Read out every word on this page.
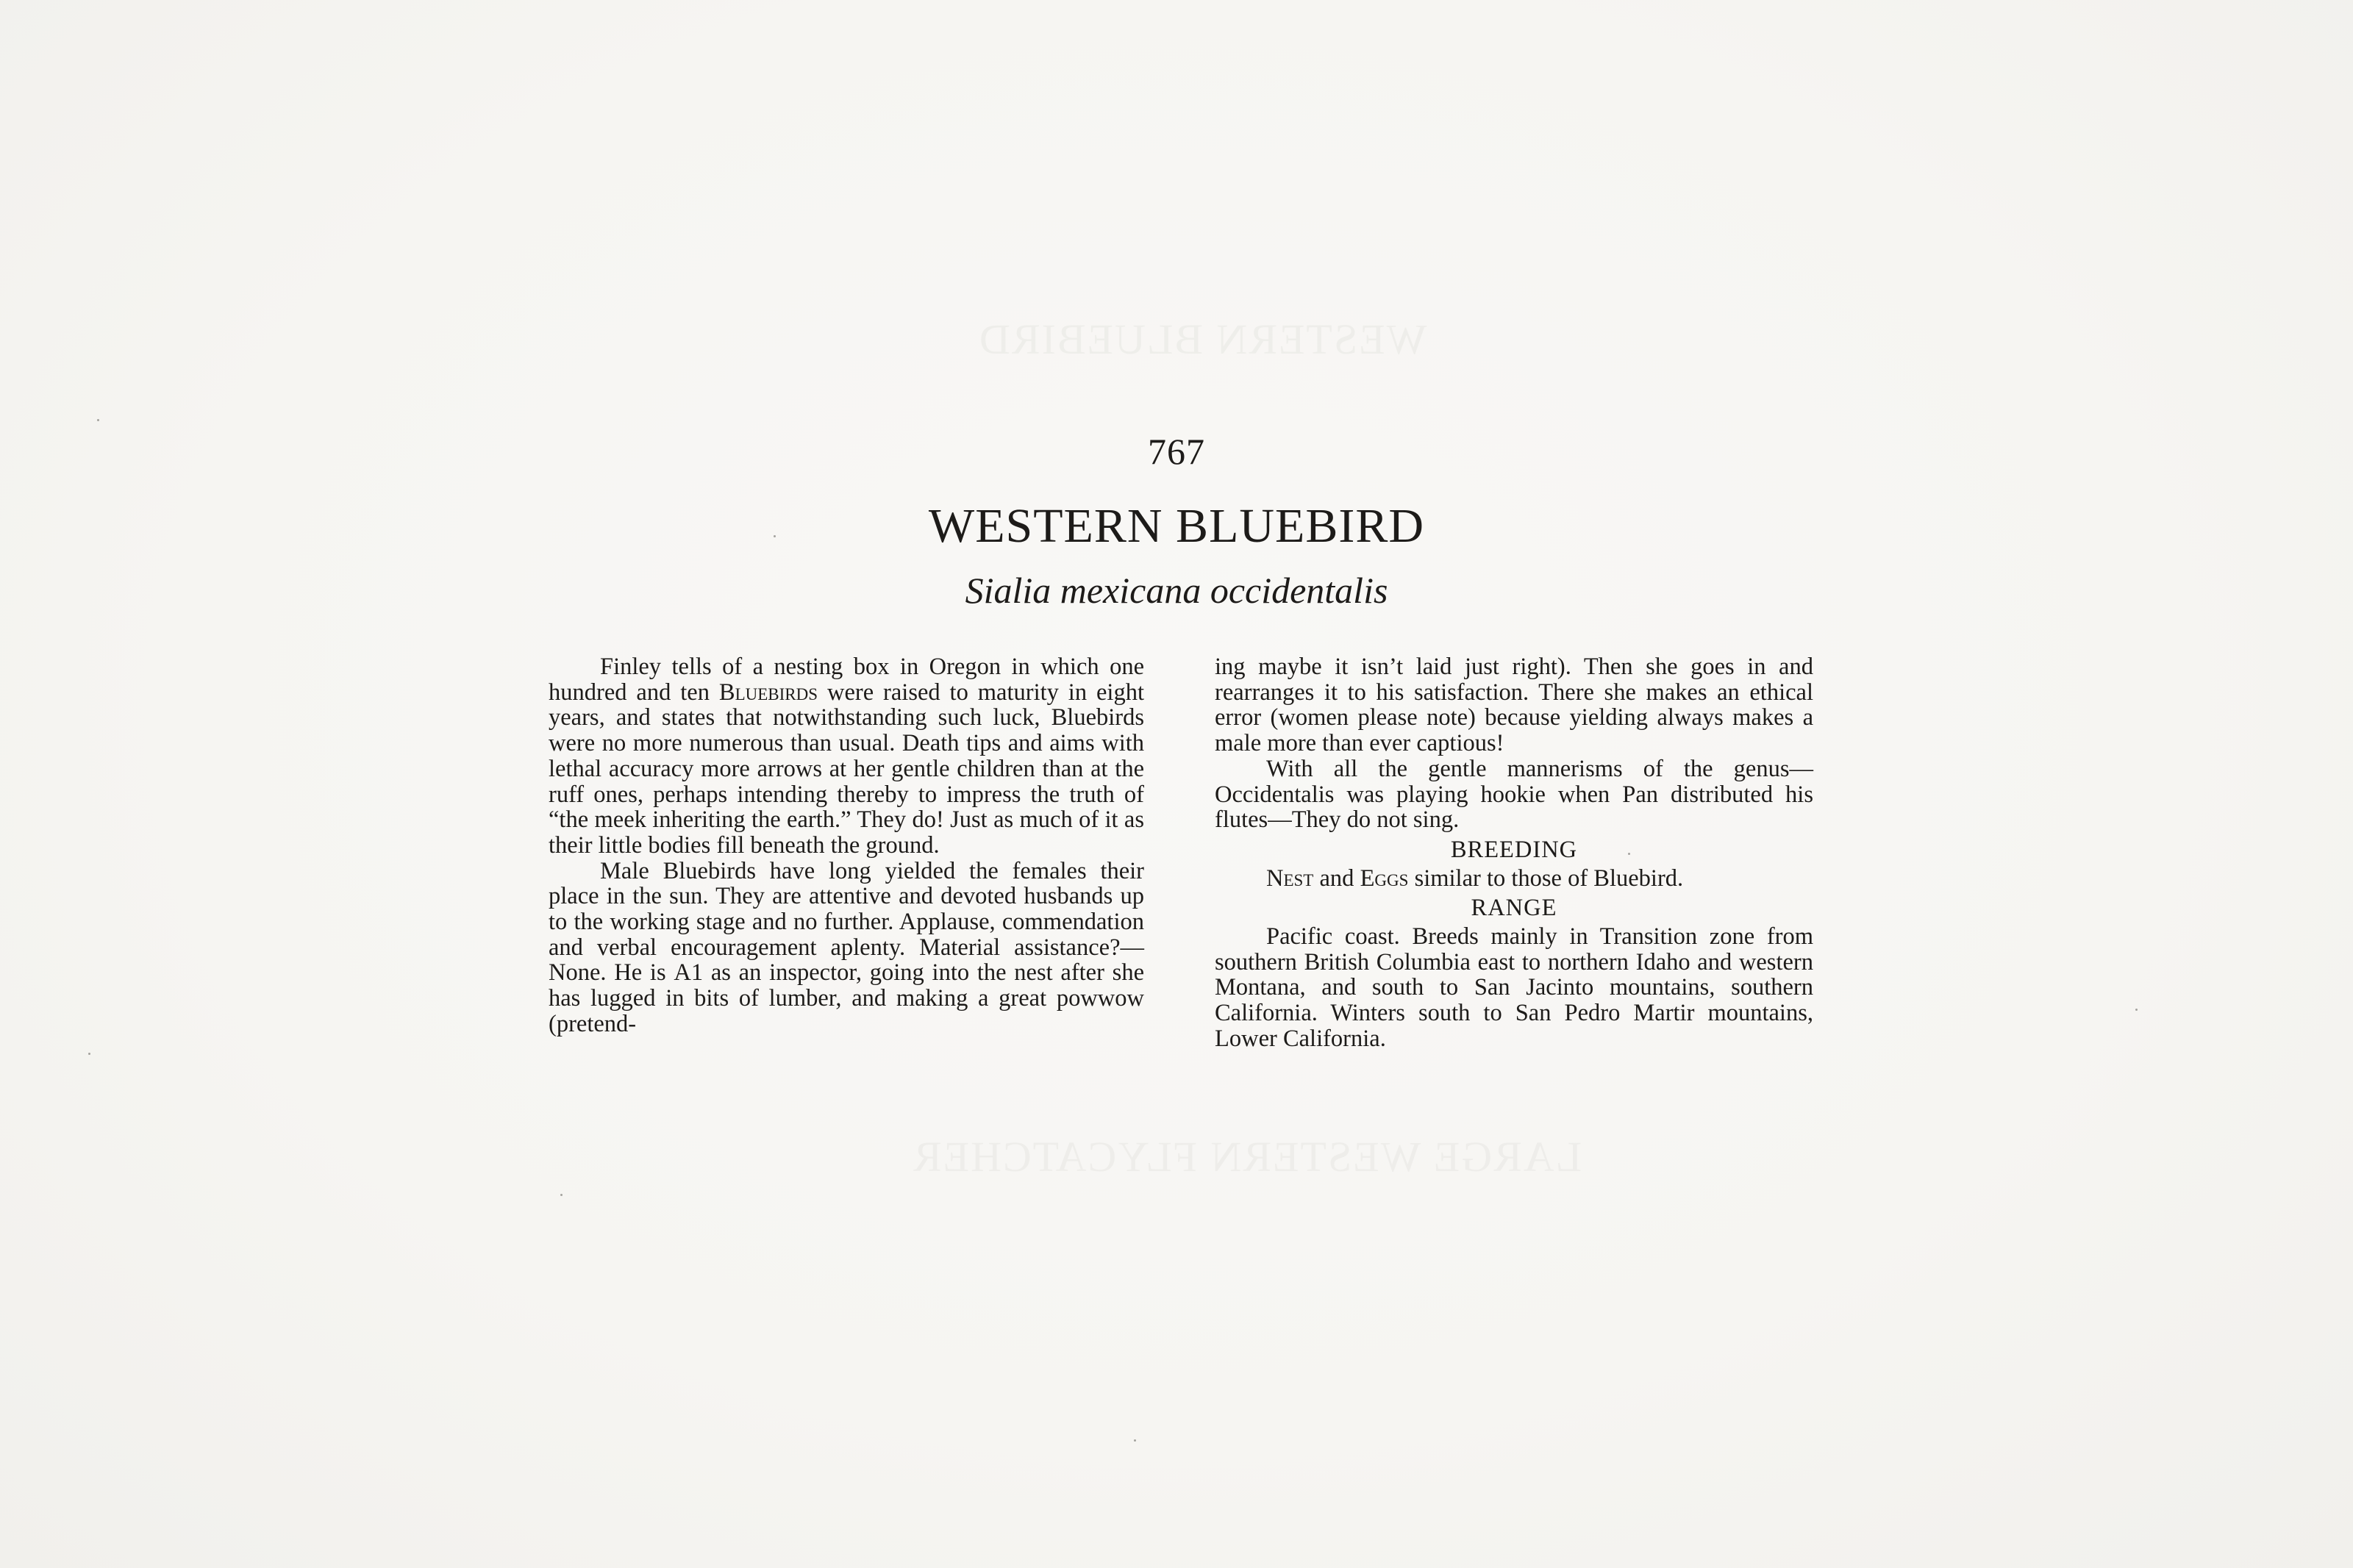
WESTERN BLUEBIRD
LARGE WESTERN FLYCATCHER
767
WESTERN BLUEBIRD
Sialia mexicana occidentalis

Finley tells of a nesting box in Oregon in which one hundred and ten Bluebirds were raised to maturity in eight years, and states that notwithstanding such luck, Bluebirds were no more numerous than usual. Death tips and aims with lethal accuracy more arrows at her gentle children than at the ruff ones, perhaps intending thereby to impress the truth of “the meek inheriting the earth.” They do! Just as much of it as their little bodies fill beneath the ground.

Male Bluebirds have long yielded the females their place in the sun. They are attentive and devoted husbands up to the working stage and no further. Applause, commendation and verbal encouragement aplenty. Material assistance?—None. He is A1 as an inspector, going into the nest after she has lugged in bits of lumber, and making a great powwow (pretend-

ing maybe it isn’t laid just right). Then she goes in and rearranges it to his satisfaction. There she makes an ethical error (women please note) because yielding always makes a male more than ever captious!

With all the gentle mannerisms of the genus—Occidentalis was playing hookie when Pan distributed his flutes—They do not sing.

BREEDING

Nest and Eggs similar to those of Bluebird.

RANGE

Pacific coast. Breeds mainly in Transition zone from southern British Columbia east to northern Idaho and western Montana, and south to San Jacinto mountains, southern California. Winters south to San Pedro Martir mountains, Lower California.
